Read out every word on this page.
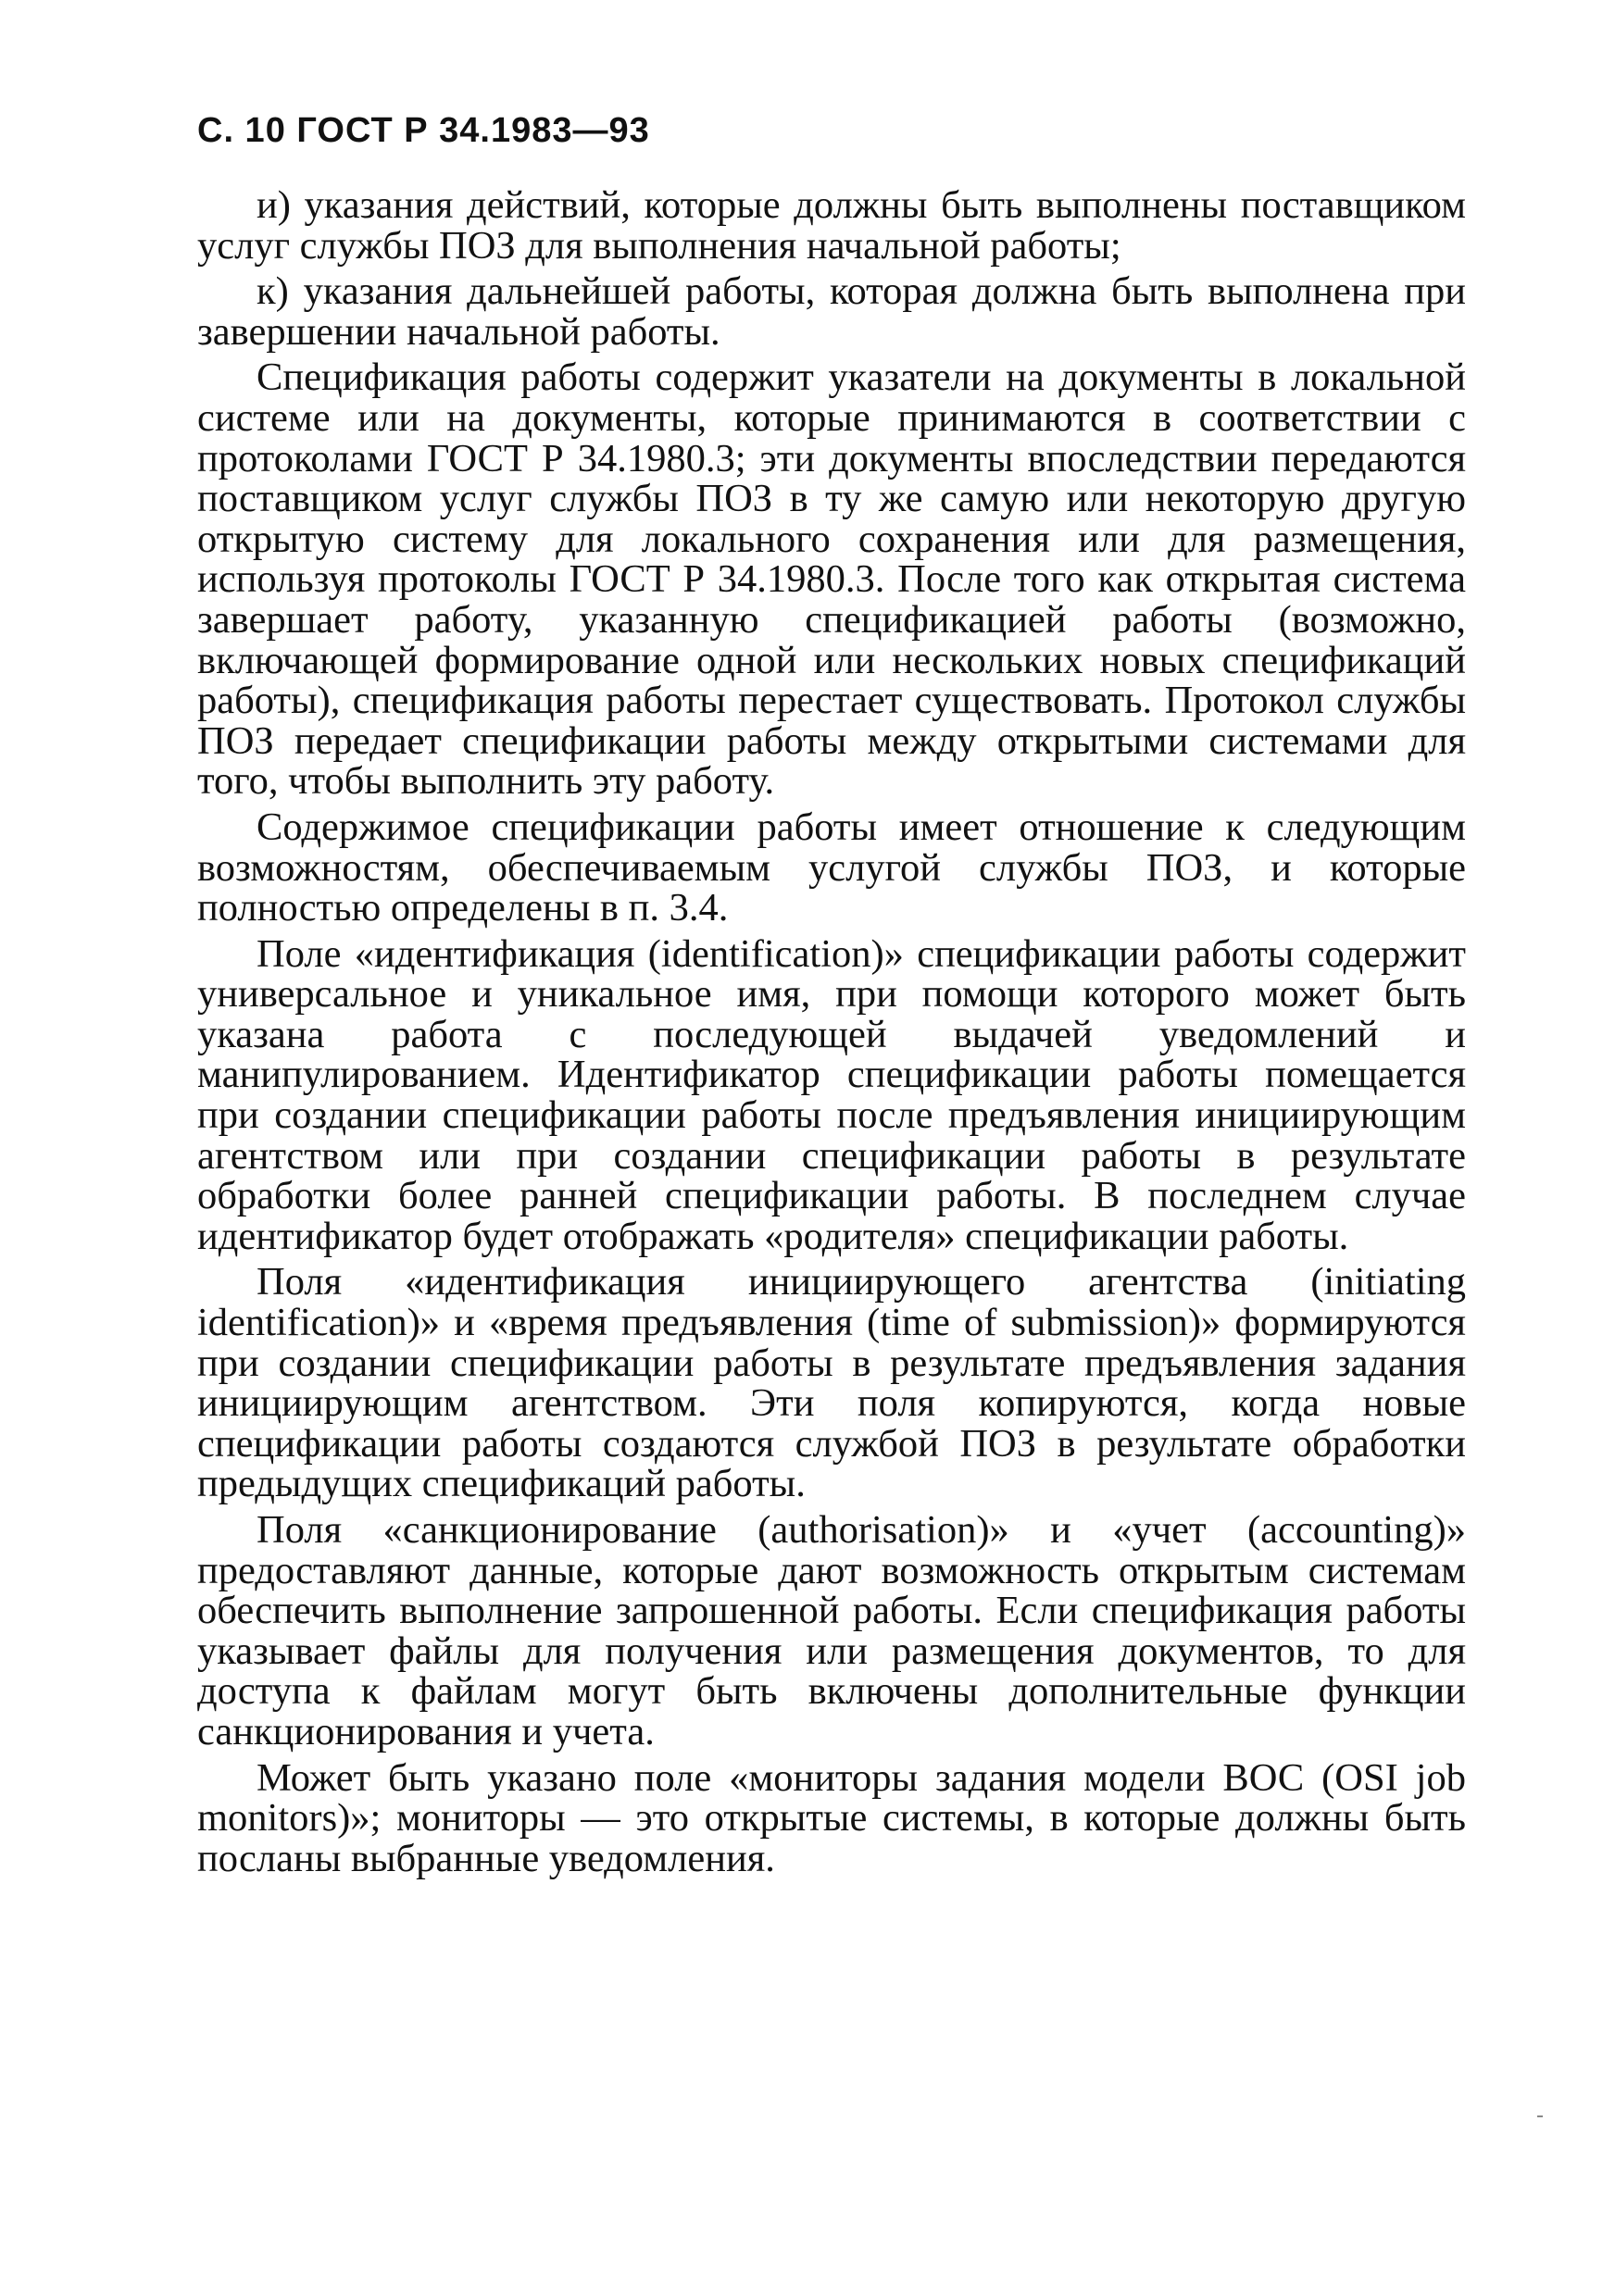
С. 10 ГОСТ Р 34.1983—93

и) указания действий, которые должны быть выполнены поставщиком услуг службы ПОЗ для выполнения начальной работы;

к) указания дальнейшей работы, которая должна быть выполнена при завершении начальной работы.

Спецификация работы содержит указатели на документы в локальной системе или на документы, которые принимаются в соответствии с протоколами ГОСТ Р 34.1980.3; эти документы впоследствии передаются поставщиком услуг службы ПОЗ в ту же самую или некоторую другую открытую систему для локального сохранения или для размещения, используя протоколы ГОСТ Р 34.1980.3. После того как открытая система завершает работу, указанную спецификацией работы (возможно, включающей формирование одной или нескольких новых спецификаций работы), спецификация работы перестает существовать. Протокол службы ПОЗ передает спецификации работы между открытыми системами для того, чтобы выполнить эту работу.

Содержимое спецификации работы имеет отношение к следующим возможностям, обеспечиваемым услугой службы ПОЗ, и которые полностью определены в п. 3.4.

Поле «идентификация (identification)» спецификации работы содержит универсальное и уникальное имя, при помощи которого может быть указана работа с последующей выдачей уведомлений и манипулированием. Идентификатор спецификации работы помещается при создании спецификации работы после предъявления инициирующим агентством или при создании спецификации работы в результате обработки более ранней спецификации работы. В последнем случае идентификатор будет отображать «родителя» спецификации работы.

Поля «идентификация инициирующего агентства (initiating identification)» и «время предъявления (time of submission)» формируются при создании спецификации работы в результате предъявления задания инициирующим агентством. Эти поля копируются, когда новые спецификации работы создаются службой ПОЗ в результате обработки предыдущих спецификаций работы.

Поля «санкционирование (authorisation)» и «учет (accounting)» предоставляют данные, которые дают возможность открытым системам обеспечить выполнение запрошенной работы. Если спецификация работы указывает файлы для получения или размещения документов, то для доступа к файлам могут быть включены дополнительные функции санкционирования и учета.

Может быть указано поле «мониторы задания модели ВОС (OSI job monitors)»; мониторы — это открытые системы, в которые должны быть посланы выбранные уведомления.
